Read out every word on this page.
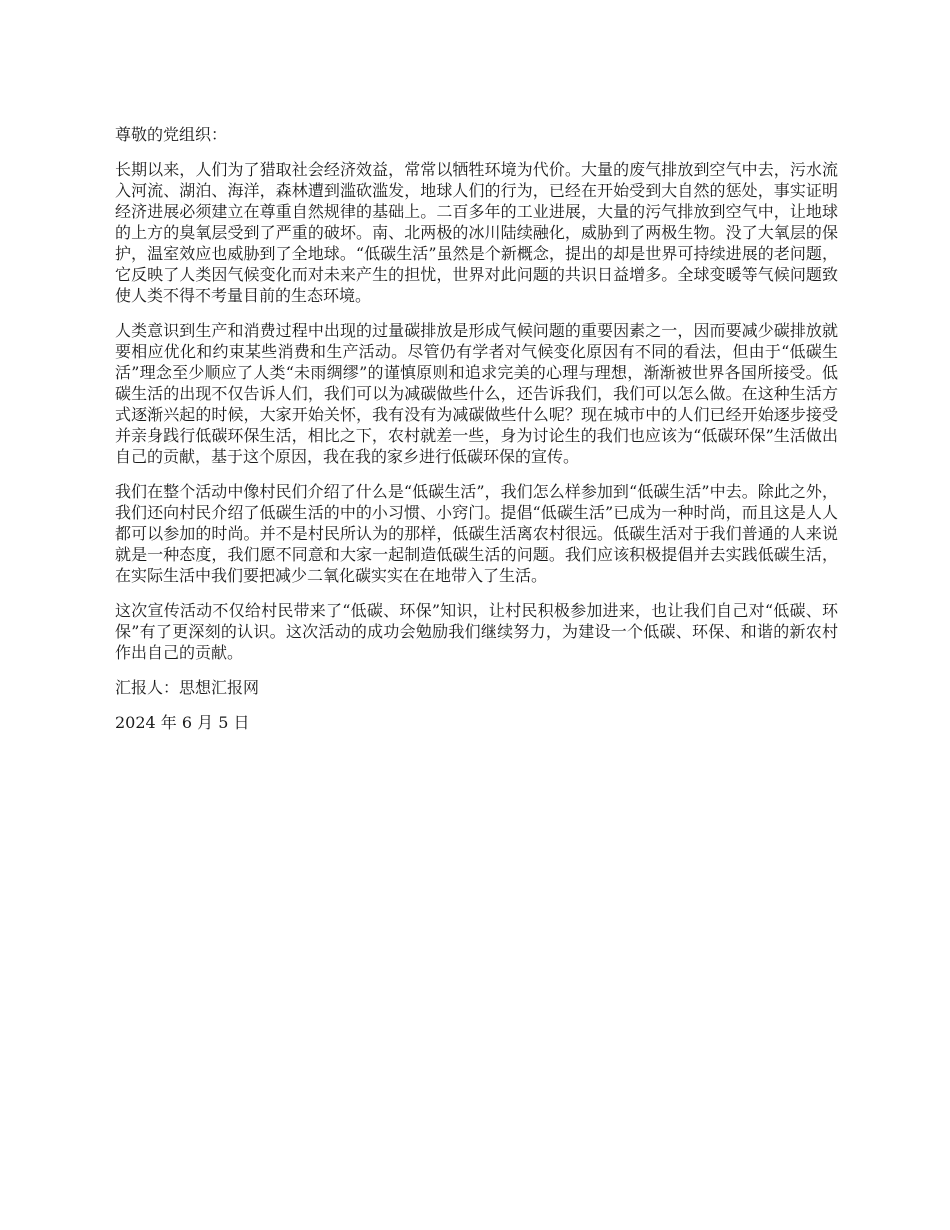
尊敬的党组织：

长期以来，人们为了猎取社会经济效益，常常以牺牲环境为代价。大量的废气排放到空气中去，污水流入河流、湖泊、海洋，森林遭到滥砍滥发，地球人们的行为，已经在开始受到大自然的惩处，事实证明经济进展必须建立在尊重自然规律的基础上。二百多年的工业进展，大量的污气排放到空气中，让地球的上方的臭氧层受到了严重的破坏。南、北两极的冰川陆续融化，威胁到了两极生物。没了大氧层的保护，温室效应也威胁到了全地球。“低碳生活”虽然是个新概念，提出的却是世界可持续进展的老问题，它反映了人类因气候变化而对未来产生的担忧，世界对此问题的共识日益增多。全球变暖等气候问题致使人类不得不考量目前的生态环境。

人类意识到生产和消费过程中出现的过量碳排放是形成气候问题的重要因素之一，因而要减少碳排放就要相应优化和约束某些消费和生产活动。尽管仍有学者对气候变化原因有不同的看法，但由于“低碳生活”理念至少顺应了人类“未雨绸缪”的谨慎原则和追求完美的心理与理想，渐渐被世界各国所接受。低碳生活的出现不仅告诉人们，我们可以为减碳做些什么，还告诉我们，我们可以怎么做。在这种生活方式逐渐兴起的时候，大家开始关怀，我有没有为减碳做些什么呢？现在城市中的人们已经开始逐步接受并亲身践行低碳环保生活，相比之下，农村就差一些，身为讨论生的我们也应该为“低碳环保”生活做出自己的贡献，基于这个原因，我在我的家乡进行低碳环保的宣传。

我们在整个活动中像村民们介绍了什么是“低碳生活”，我们怎么样参加到“低碳生活”中去。除此之外，我们还向村民介绍了低碳生活的中的小习惯、小窍门。提倡“低碳生活”已成为一种时尚，而且这是人人都可以参加的时尚。并不是村民所认为的那样，低碳生活离农村很远。低碳生活对于我们普通的人来说就是一种态度，我们愿不同意和大家一起制造低碳生活的问题。我们应该积极提倡并去实践低碳生活，在实际生活中我们要把减少二氧化碳实实在在地带入了生活。

这次宣传活动不仅给村民带来了“低碳、环保”知识，让村民积极参加进来，也让我们自己对“低碳、环保”有了更深刻的认识。这次活动的成功会勉励我们继续努力，为建设一个低碳、环保、和谐的新农村作出自己的贡献。

汇报人：思想汇报网

2024 年 6 月 5 日
